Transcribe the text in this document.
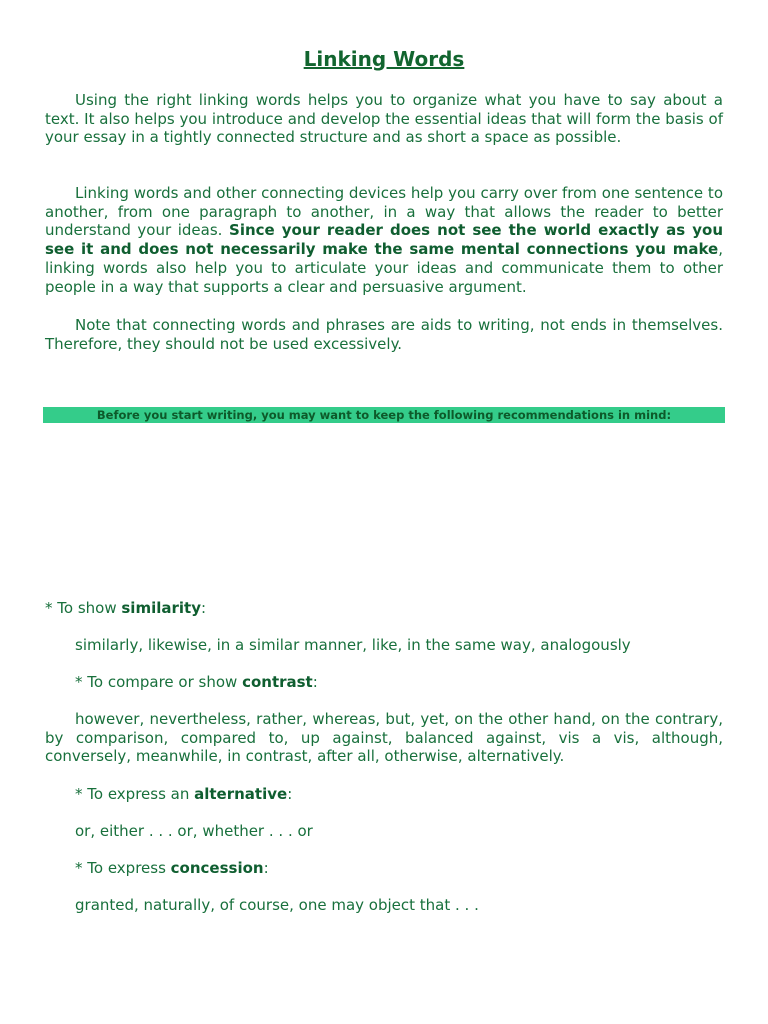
Linking Words

Using the right linking words helps you to organize what you have to say about a text. It also helps you introduce and develop the essential ideas that will form the basis of your essay in a tightly connected structure and as short a space as possible.

Linking words and other connecting devices help you carry over from one sentence to another, from one paragraph to another, in a way that allows the reader to better understand your ideas. Since your reader does not see the world exactly as you see it and does not necessarily make the same mental connections you make, linking words also help you to articulate your ideas and communicate them to other people in a way that supports a clear and persuasive argument.

Note that connecting words and phrases are aids to writing, not ends in themselves. Therefore, they should not be used excessively.

Before you start writing, you may want to keep the following recommendations in mind:

* To show similarity:

similarly, likewise, in a similar manner, like, in the same way, analogously

* To compare or show contrast:

however, nevertheless, rather, whereas, but, yet, on the other hand, on the contrary, by comparison, compared to, up against, balanced against, vis a vis, although, conversely, meanwhile, in contrast, after all, otherwise, alternatively.

* To express an alternative:

or, either . . . or, whether . . . or

* To express concession:

granted, naturally, of course, one may object that . . .
